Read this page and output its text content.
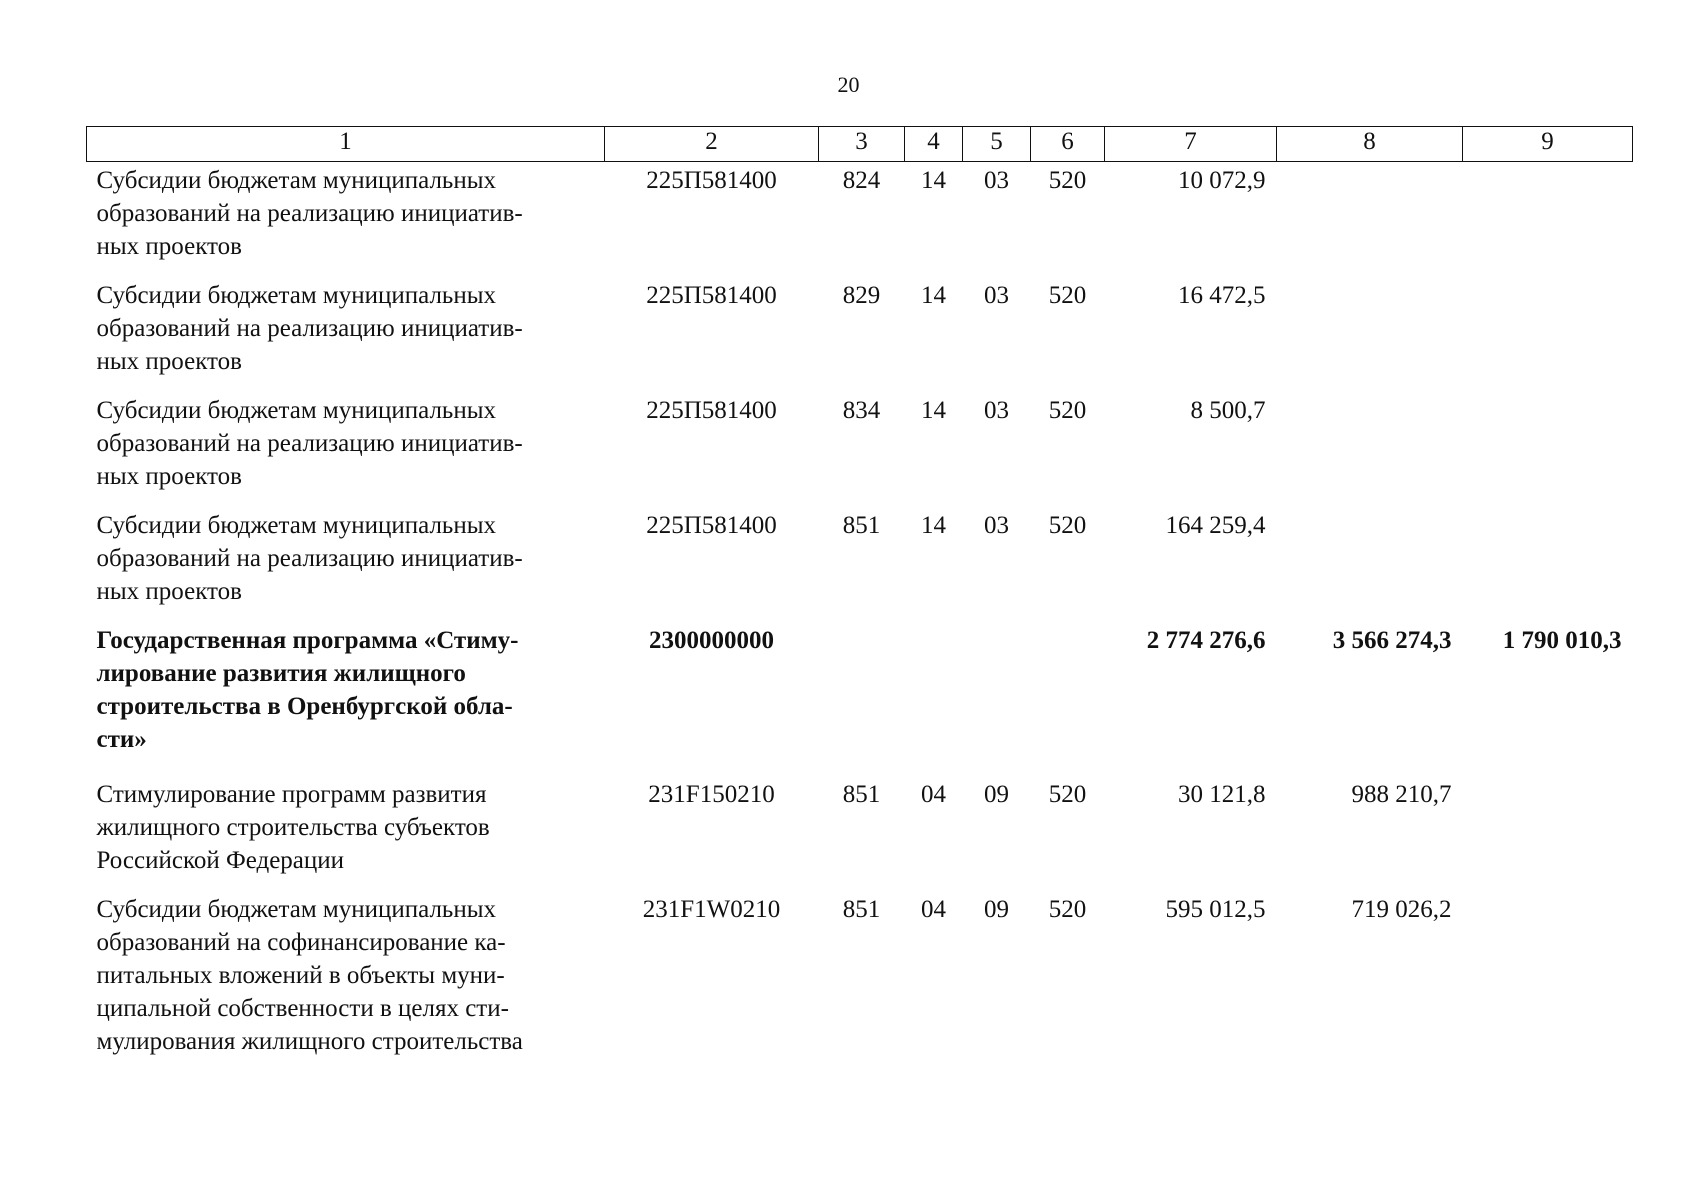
20
1	2	3	4	5	6	7	8	9

Субсидии бюджетам муниципальных
образований на реализацию инициатив-
ных проектов	225П581400	824	14	03	520	10 072,9		

Субсидии бюджетам муниципальных
образований на реализацию инициатив-
ных проектов	225П581400	829	14	03	520	16 472,5		

Субсидии бюджетам муниципальных
образований на реализацию инициатив-
ных проектов	225П581400	834	14	03	520	8 500,7		

Субсидии бюджетам муниципальных
образований на реализацию инициатив-
ных проектов	225П581400	851	14	03	520	164 259,4		

Государственная программа «Стиму-
лирование развития жилищного
строительства в Оренбургской обла-
сти»	2300000000					2 774 276,6	3 566 274,3	1 790 010,3

Стимулирование программ развития
жилищного строительства субъектов
Российской Федерации	231F150210	851	04	09	520	30 121,8	988 210,7	

Субсидии бюджетам муниципальных
образований на софинансирование ка-
питальных вложений в объекты муни-
ципальной собственности в целях сти-
мулирования жилищного строительства	231F1W0210	851	04	09	520	595 012,5	719 026,2	
